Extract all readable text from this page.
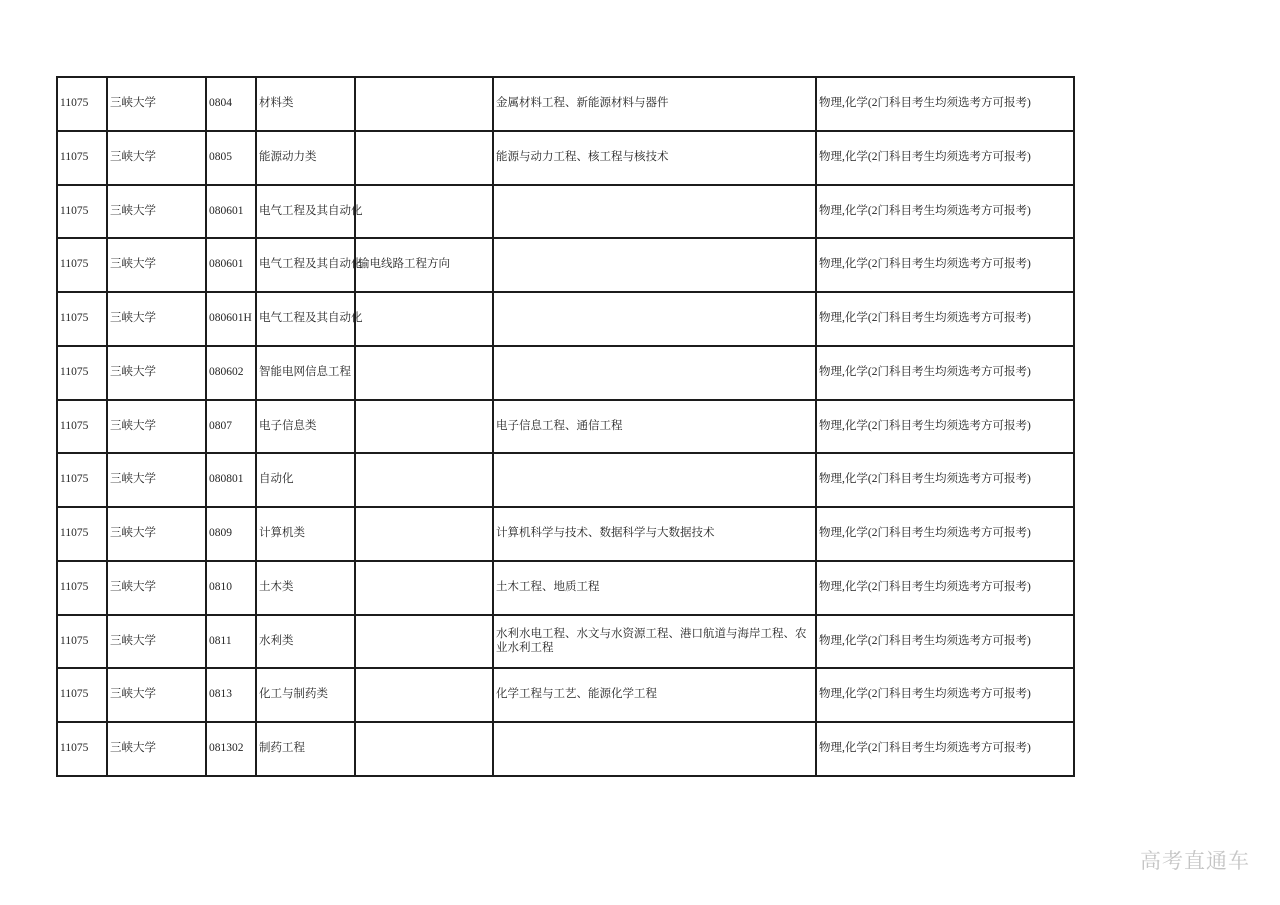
11075	三峡大学	0804	材料类		金属材料工程、新能源材料与器件	物理,化学(2门科目考生均须选考方可报考)
11075	三峡大学	0805	能源动力类		能源与动力工程、核工程与核技术	物理,化学(2门科目考生均须选考方可报考)
11075	三峡大学	080601	电气工程及其自动化			物理,化学(2门科目考生均须选考方可报考)
11075	三峡大学	080601	电气工程及其自动化	输电线路工程方向		物理,化学(2门科目考生均须选考方可报考)
11075	三峡大学	080601H	电气工程及其自动化			物理,化学(2门科目考生均须选考方可报考)
11075	三峡大学	080602	智能电网信息工程			物理,化学(2门科目考生均须选考方可报考)
11075	三峡大学	0807	电子信息类		电子信息工程、通信工程	物理,化学(2门科目考生均须选考方可报考)
11075	三峡大学	080801	自动化			物理,化学(2门科目考生均须选考方可报考)
11075	三峡大学	0809	计算机类		计算机科学与技术、数据科学与大数据技术	物理,化学(2门科目考生均须选考方可报考)
11075	三峡大学	0810	土木类		土木工程、地质工程	物理,化学(2门科目考生均须选考方可报考)
11075	三峡大学	0811	水利类		水利水电工程、水文与水资源工程、港口航道与海岸工程、农业水利工程	物理,化学(2门科目考生均须选考方可报考)
11075	三峡大学	0813	化工与制药类		化学工程与工艺、能源化学工程	物理,化学(2门科目考生均须选考方可报考)
11075	三峡大学	081302	制药工程			物理,化学(2门科目考生均须选考方可报考)
高考直通车
